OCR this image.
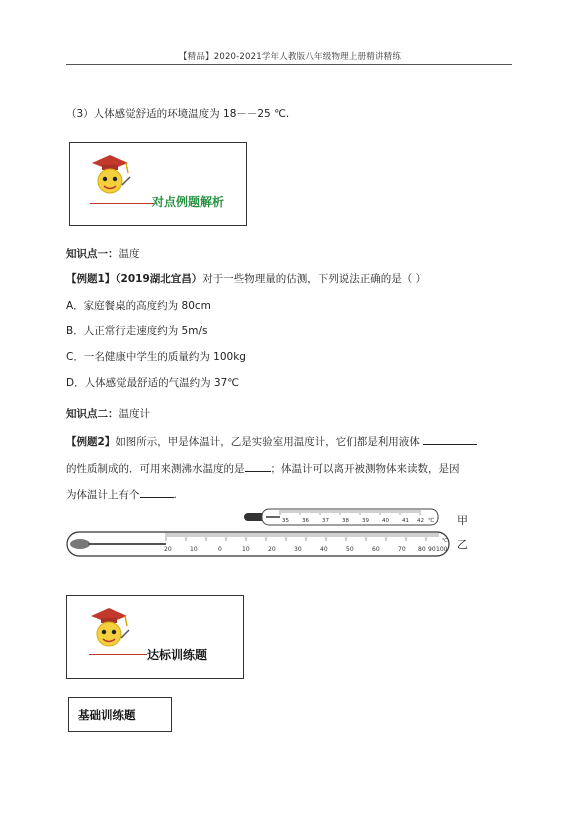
【精品】2020-2021学年人教版八年级物理上册精讲精练
（3）人体感觉舒适的环境温度为 18－－25 ℃.
对点例题解析
知识点一：温度
【例题1】（2019湖北宜昌）对于一些物理量的估测，下列说法正确的是（ ）
A．家庭餐桌的高度约为 80cm
B．人正常行走速度约为 5m/s
C．一名健康中学生的质量约为 100kg
D．人体感觉最舒适的气温约为 37℃
知识点二：温度计
【例题2】如图所示，甲是体温计，乙是实验室用温度计，它们都是利用液体
的性质制成的．可用来测沸水温度的是 ；体温计可以离开被测物体来读数，是因
为体温计上有个	.
35 36 37 38 39 40 41 42 ℃ 甲
20	10	0	10	20	30	40	50	60	70 80 90 100
℃ 乙
达标训练题
基础训练题
